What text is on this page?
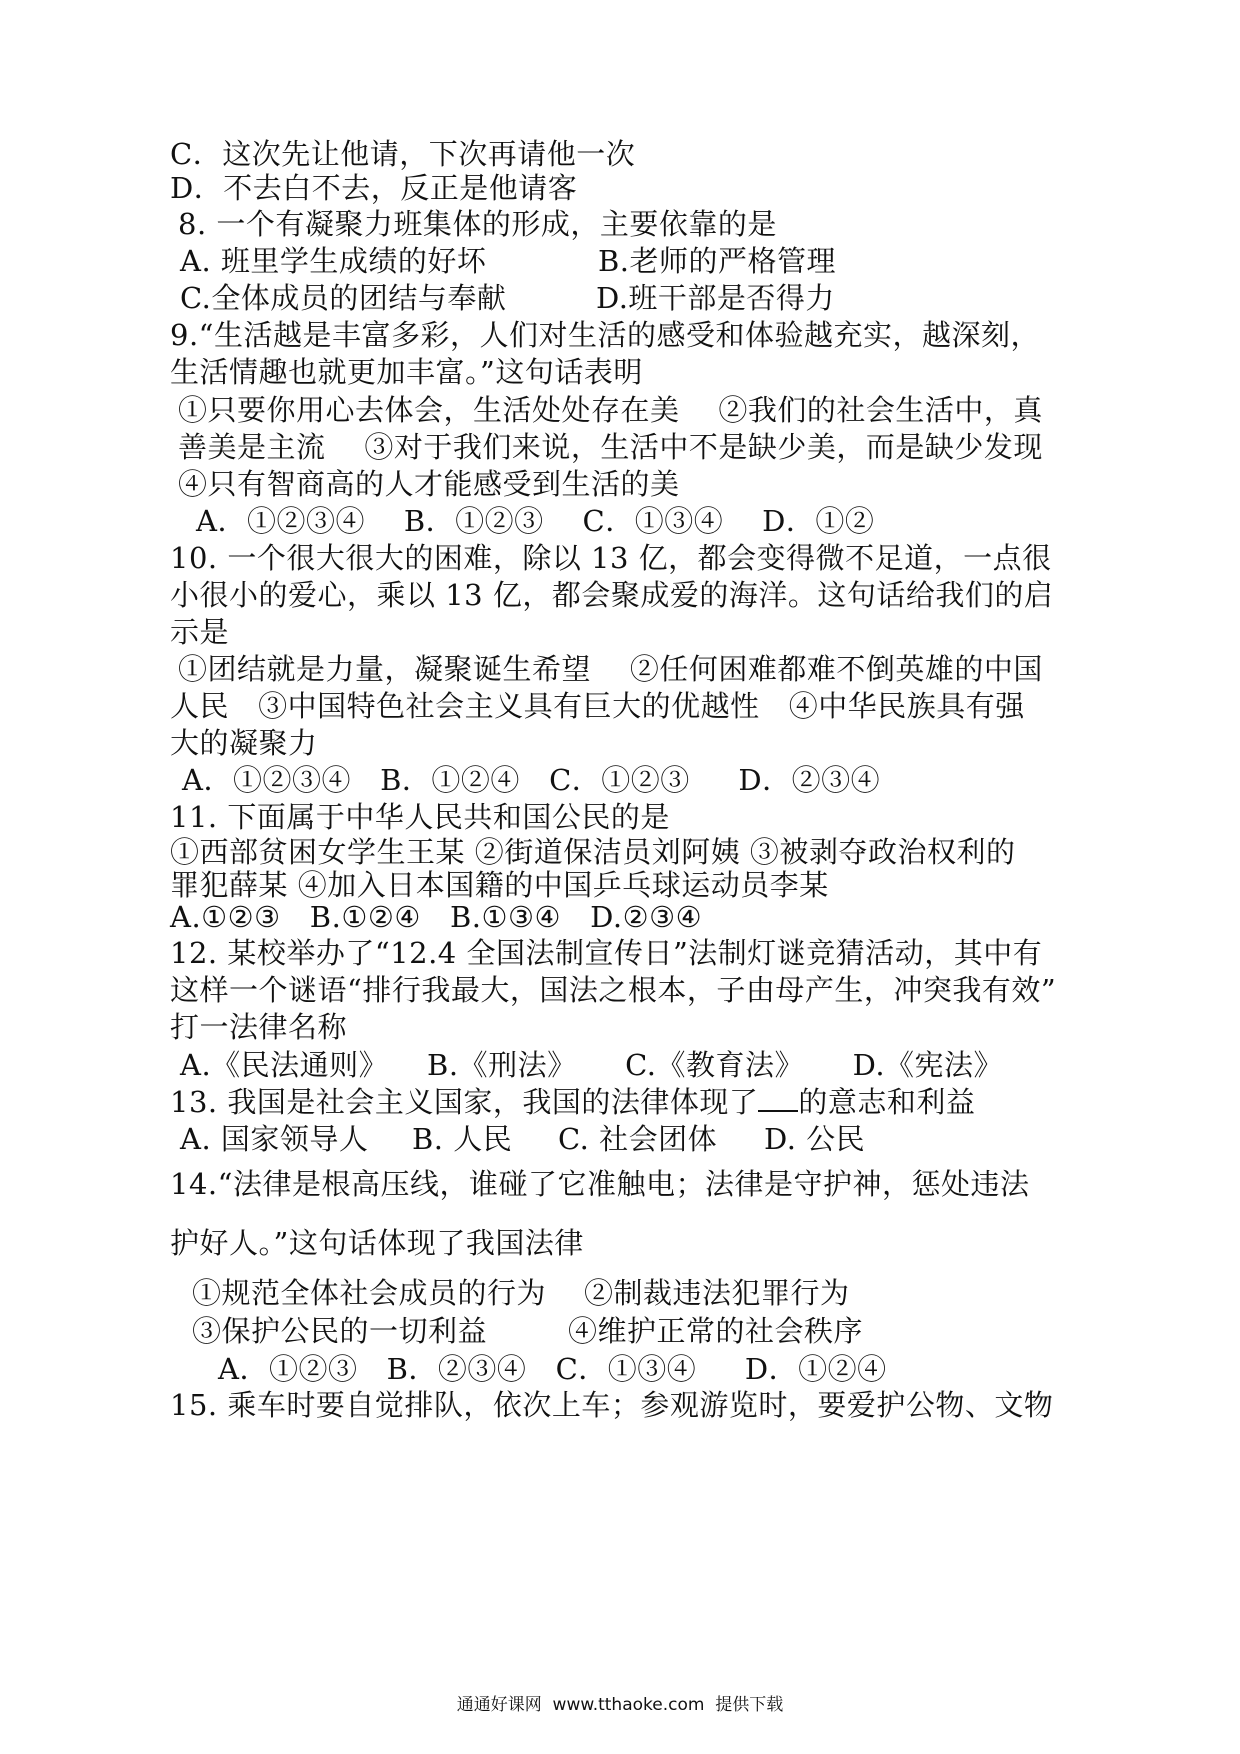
C．这次先让他请，下次再请他一次
D．不去白不去，反正是他请客
8. 一个有凝聚力班集体的形成，主要依靠的是
A. 班里学生成绩的好坏	B.老师的严格管理
C.全体成员的团结与奉献	D.班干部是否得力
9.“生活越是丰富多彩，人们对生活的感受和体验越充实，越深刻，
生活情趣也就更加丰富。”这句话表明
①只要你用心去体会，生活处处存在美    ②我们的社会生活中，真
善美是主流    ③对于我们来说，生活中不是缺少美，而是缺少发现
④只有智商高的人才能感受到生活的美
A．①②③④    B．①②③    C．①③④    D．①②
10. 一个很大很大的困难，除以 13 亿，都会变得微不足道，一点很
小很小的爱心，乘以 13 亿，都会聚成爱的海洋。这句话给我们的启
示是
①团结就是力量，凝聚诞生希望    ②任何困难都难不倒英雄的中国
人民   ③中国特色社会主义具有巨大的优越性   ④中华民族具有强
大的凝聚力
A．①②③④   B．①②④   C．①②③     D．②③④
11. 下面属于中华人民共和国公民的是
①西部贫困女学生王某 ②街道保洁员刘阿姨 ③被剥夺政治权利的
罪犯薛某 ④加入日本国籍的中国乒乓球运动员李某
A.①②③   B.①②④   B.①③④   D.②③④
12. 某校举办了“12.4 全国法制宣传日”法制灯谜竞猜活动，其中有
这样一个谜语“排行我最大，国法之根本，子由母产生，冲突我有效”
打一法律名称
A.《民法通则》    B.《刑法》     C.《教育法》     D.《宪法》
13. 我国是社会主义国家，我国的法律体现了 的意志和利益
A. 国家领导人 B. 人民 C. 社会团体 D. 公民
14.“法律是根高压线，谁碰了它准触电；法律是守护神，惩处违法
护好人。”这句话体现了我国法律
①规范全体社会成员的行为 ②制裁违法犯罪行为
③保护公民的一切利益	④维护正常的社会秩序
A．①②③   B．②③④   C．①③④     D．①②④
15. 乘车时要自觉排队，依次上车；参观游览时，要爱护公物、文物
通通好课网  www.tthaoke.com  提供下载
